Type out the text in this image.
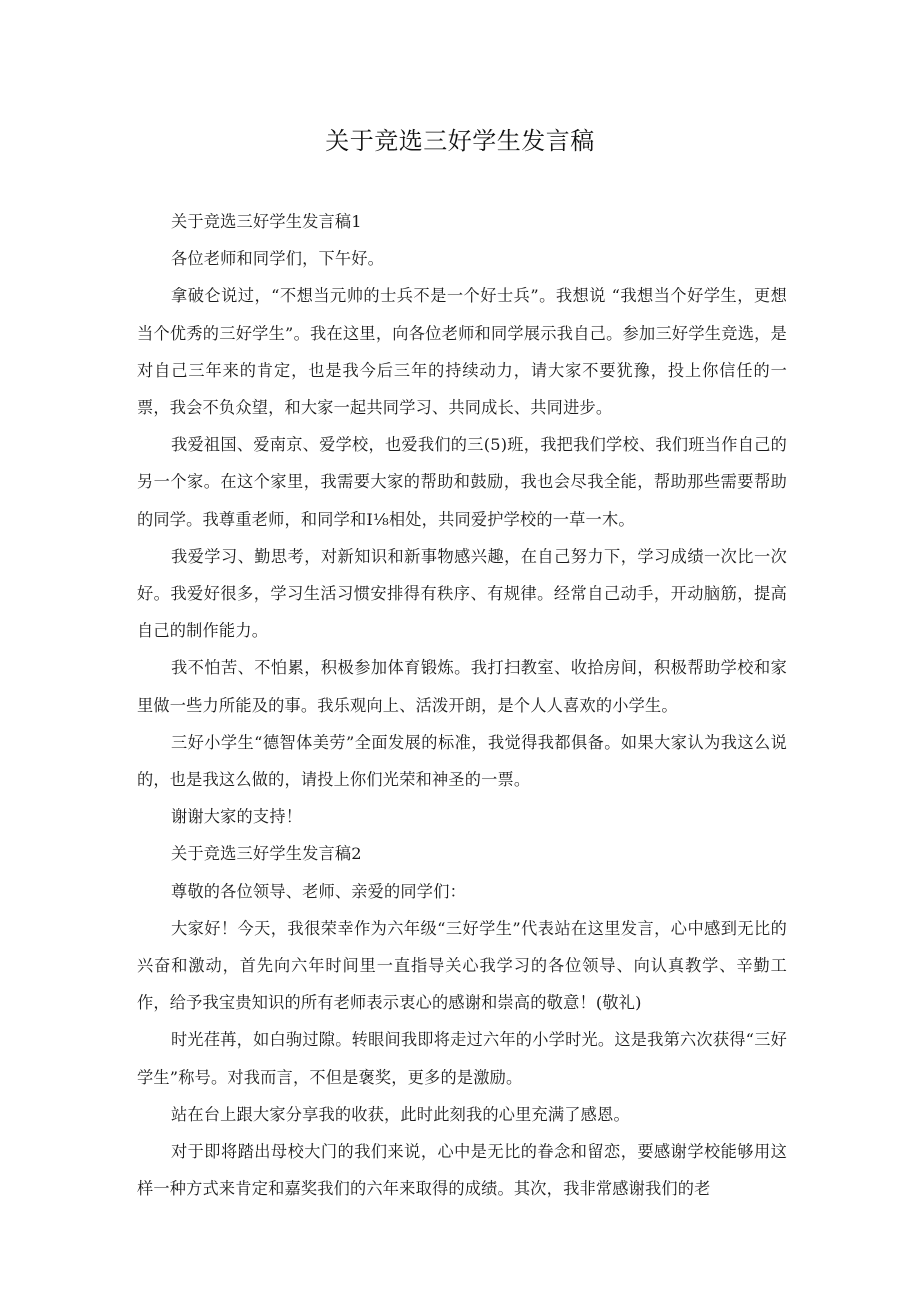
关于竞选三好学生发言稿

关于竞选三好学生发言稿1

各位老师和同学们，下午好。

拿破仑说过，“不想当元帅的士兵不是一个好士兵”。我想说 “我想当个好学生，更想当个优秀的三好学生”。我在这里，向各位老师和同学展示我自己。参加三好学生竞选，是对自己三年来的肯定，也是我今后三年的持续动力，请大家不要犹豫，投上你信任的一票，我会不负众望，和大家一起共同学习、共同成长、共同进步。

我爱祖国、爱南京、爱学校，也爱我们的三(5)班，我把我们学校、我们班当作自己的另一个家。在这个家里，我需要大家的帮助和鼓励，我也会尽我全能，帮助那些需要帮助的同学。我尊重老师，和同学和I⅛相处，共同爱护学校的一草一木。

我爱学习、勤思考，对新知识和新事物感兴趣，在自己努力下，学习成绩一次比一次好。我爱好很多，学习生活习惯安排得有秩序、有规律。经常自己动手，开动脑筋，提高自己的制作能力。

我不怕苦、不怕累，积极参加体育锻炼。我打扫教室、收拾房间，积极帮助学校和家里做一些力所能及的事。我乐观向上、活泼开朗，是个人人喜欢的小学生。

三好小学生“德智体美劳”全面发展的标准，我觉得我都俱备。如果大家认为我这么说的，也是我这么做的，请投上你们光荣和神圣的一票。

谢谢大家的支持！

关于竞选三好学生发言稿2

尊敬的各位领导、老师、亲爱的同学们：

大家好！今天，我很荣幸作为六年级“三好学生”代表站在这里发言，心中感到无比的兴奋和激动，首先向六年时间里一直指导关心我学习的各位领导、向认真教学、辛勤工作，给予我宝贵知识的所有老师表示衷心的感谢和崇高的敬意！(敬礼)

时光荏苒，如白驹过隙。转眼间我即将走过六年的小学时光。这是我第六次获得“三好学生”称号。对我而言，不但是褒奖，更多的是激励。

站在台上跟大家分享我的收获，此时此刻我的心里充满了感恩。

对于即将踏出母校大门的我们来说，心中是无比的眷念和留恋，要感谢学校能够用这样一种方式来肯定和嘉奖我们的六年来取得的成绩。其次，我非常感谢我们的老
